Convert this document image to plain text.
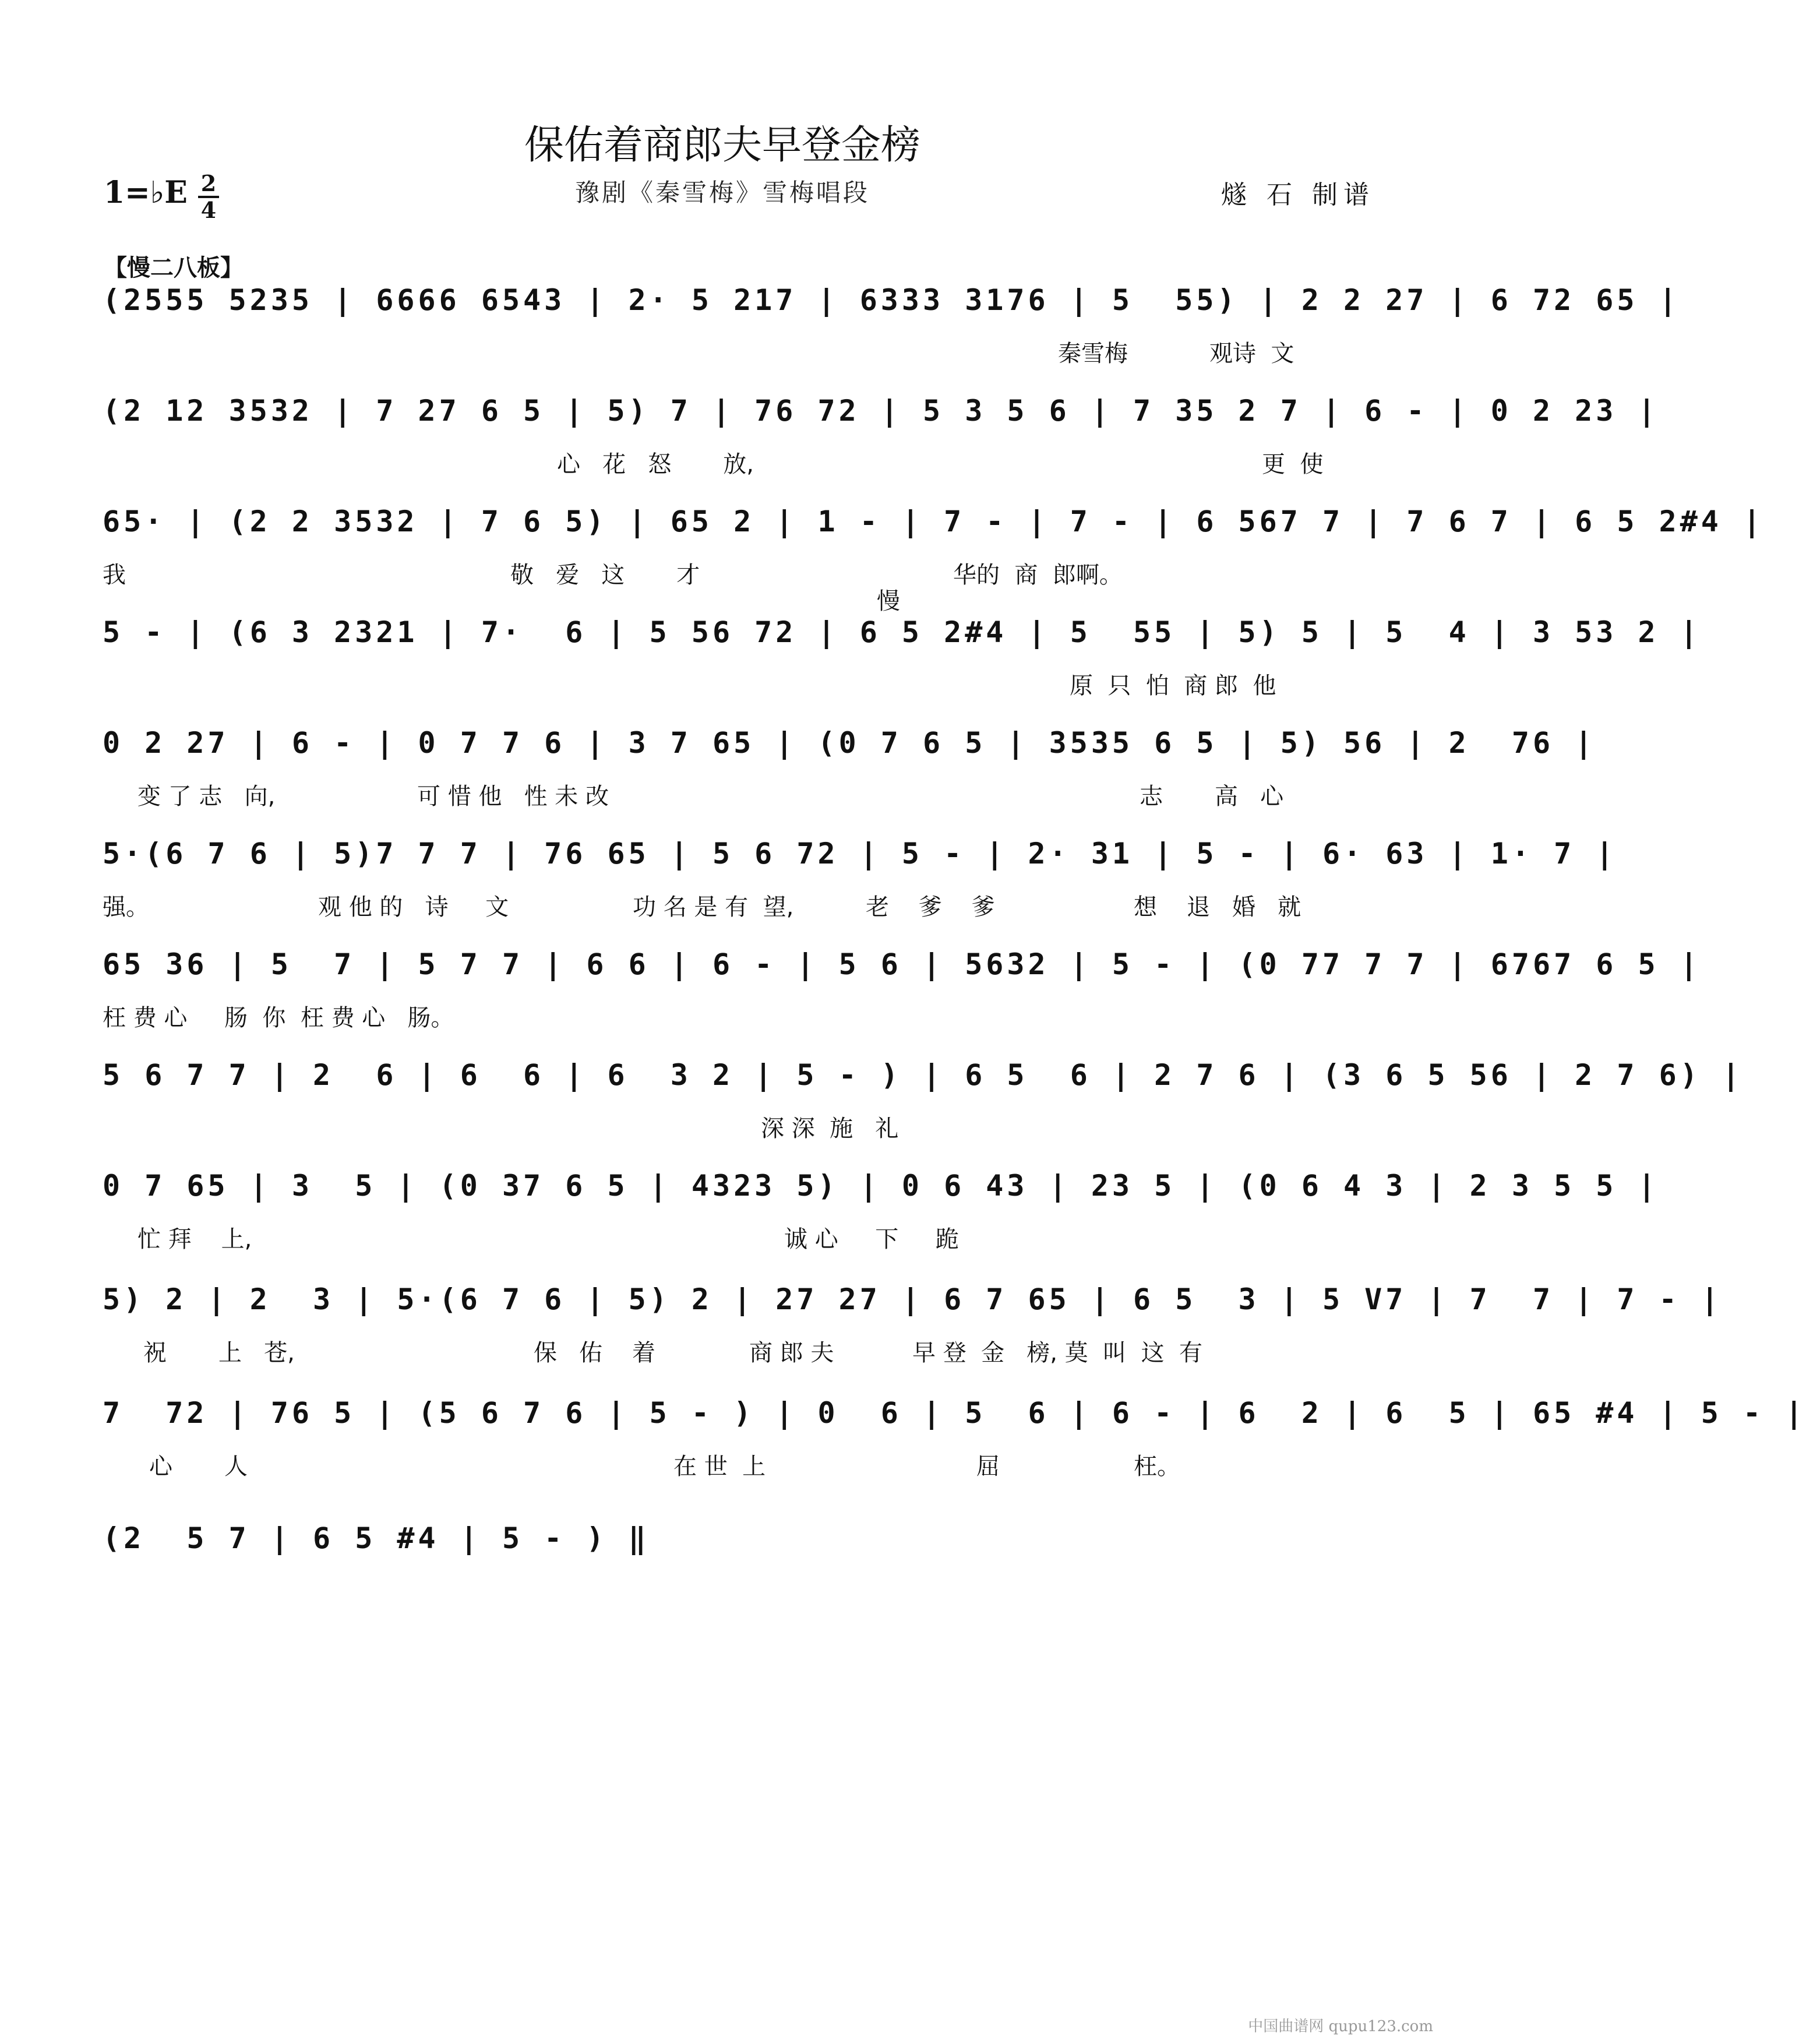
保佑着商郎夫早登金榜
1=♭E 2
4
豫剧《秦雪梅》雪梅唱段	燧 石 制谱
【慢二八板】
(2555 5235 | 6666 6543 | 2· 5 217 | 6333 3176 | 5  55) | 2 2 27 | 6 72 65 |
秦雪梅	观诗  文
(2 12 3532 | 7 27 6 5 | 5) 7 | 76 72 | 5 3 5 6 | 7 35 2 7 | 6 - | 0 2 23 |
心   花   怒       放,	更  使
65· | (2 2 3532 | 7 6 5) | 65 2 | 1 - | 7 - | 7 - | 6 567 7 | 7 6 7 | 6 5 2#4 |
我	敬   爱   这       才	华的  商  郎啊。
5 - | (6 3 2321 | 7·  6 | 5 56 72 | 6 5 2#4 | 5  55 | 5) 5 | 5  4 | 3 53 2 |
原  只  怕  商 郎  他
0 2 27 | 6 - | 0 7 7 6 | 3 7 65 | (0 7 6 5 | 3535 6 5 | 5) 56 | 2  76 |
变 了 志   向,	可 惜 他   性 未 改	志       高   心
5·(6 7 6 | 5)7 7 7 | 76 65 | 5 6 72 | 5 - | 2· 31 | 5 - | 6· 63 | 1· 7 |
强。	观 他 的   诗     文	功 名 是 有  望,	老    爹    爹	想    退   婚   就
65 36 | 5  7 | 5 7 7 | 6 6 | 6 - | 5 6 | 5632 | 5 - | (0 77 7 7 | 6767 6 5 |
枉 费 心     肠  你  枉 费 心   肠。
5 6 7 7 | 2  6 | 6  6 | 6  3 2 | 5 - ) | 6 5  6 | 2 7 6 | (3 6 5 56 | 2 7 6) |
深 深  施   礼
0 7 65 | 3  5 | (0 37 6 5 | 4323 5) | 0 6 43 | 23 5 | (0 6 4 3 | 2 3 5 5 |
忙 拜    上,	诚 心     下     跪
5) 2 | 2  3 | 5·(6 7 6 | 5) 2 | 27 27 | 6 7 65 | 6 5  3 | 5 V7 | 7  7 | 7 - |
祝       上   苍,	保   佑    着	商 郎 夫	早 登  金   榜, 莫  叫  这  有
7  72 | 76 5 | (5 6 7 6 | 5 - ) | 0  6 | 5  6 | 6 - | 6  2 | 6  5 | 65 #4 | 5 - |
心       人	在 世  上	屈	枉。
(2  5 7 | 6 5 #4 | 5 - ) ‖
慢
中国曲谱网 qupu123.com
